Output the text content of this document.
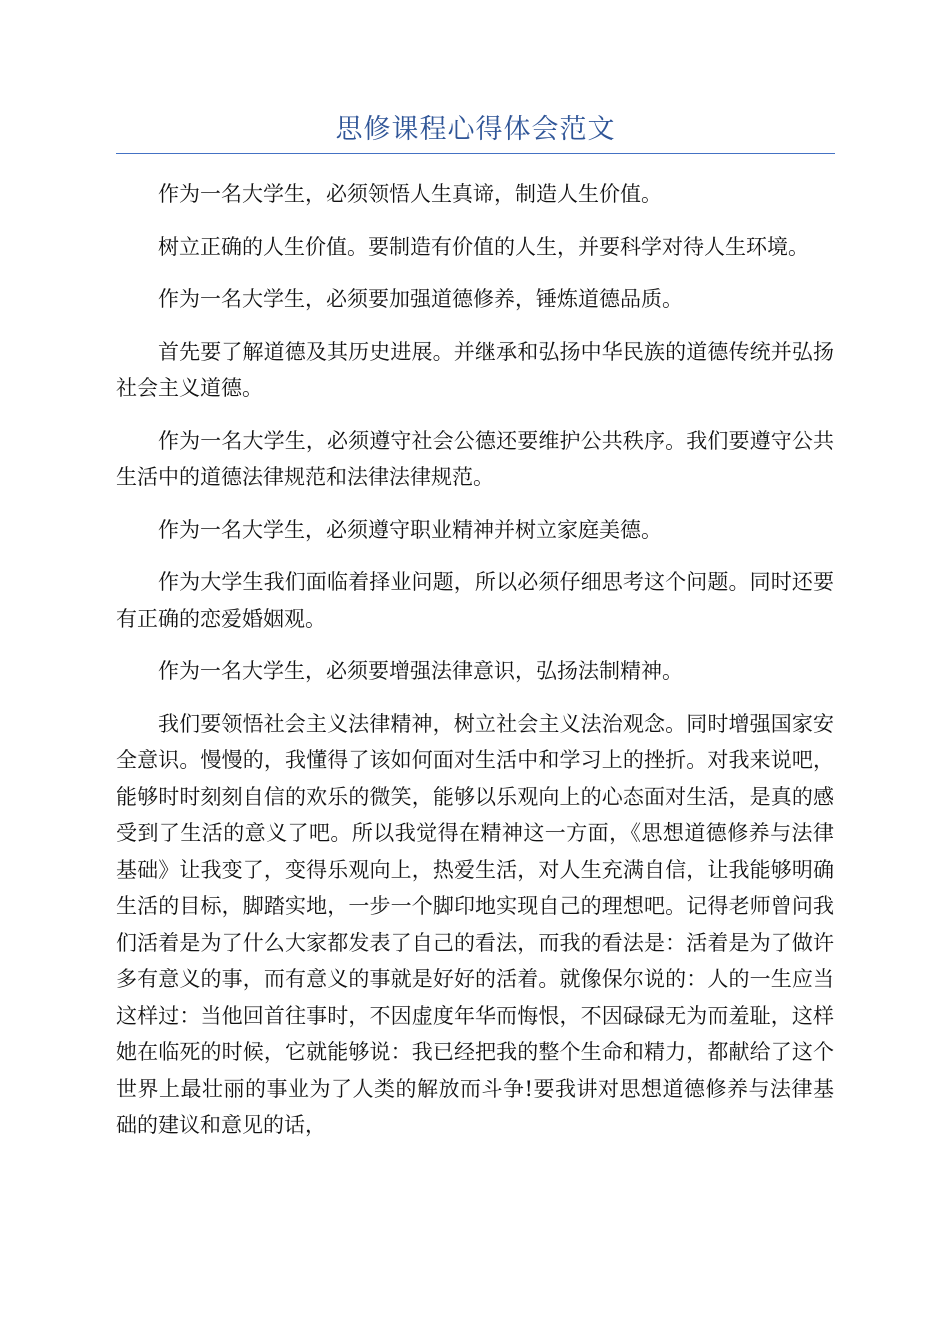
思修课程心得体会范文

作为一名大学生，必须领悟人生真谛，制造人生价值。

树立正确的人生价值。要制造有价值的人生，并要科学对待人生环境。

作为一名大学生，必须要加强道德修养，锤炼道德品质。

首先要了解道德及其历史进展。并继承和弘扬中华民族的道德传统并弘扬社会主义道德。

作为一名大学生，必须遵守社会公德还要维护公共秩序。我们要遵守公共生活中的道德法律规范和法律法律规范。

作为一名大学生，必须遵守职业精神并树立家庭美德。

作为大学生我们面临着择业问题，所以必须仔细思考这个问题。同时还要有正确的恋爱婚姻观。

作为一名大学生，必须要增强法律意识，弘扬法制精神。

我们要领悟社会主义法律精神，树立社会主义法治观念。同时增强国家安全意识。慢慢的，我懂得了该如何面对生活中和学习上的挫折。对我来说吧，能够时时刻刻自信的欢乐的微笑，能够以乐观向上的心态面对生活，是真的感受到了生活的意义了吧。所以我觉得在精神这一方面，《思想道德修养与法律基础》让我变了，变得乐观向上，热爱生活，对人生充满自信，让我能够明确生活的目标，脚踏实地，一步一个脚印地实现自己的理想吧。记得老师曾问我们活着是为了什么大家都发表了自己的看法，而我的看法是：活着是为了做许多有意义的事，而有意义的事就是好好的活着。就像保尔说的：人的一生应当这样过：当他回首往事时，不因虚度年华而悔恨，不因碌碌无为而羞耻，这样她在临死的时候，它就能够说：我已经把我的整个生命和精力，都献给了这个世界上最壮丽的事业为了人类的解放而斗争!要我讲对思想道德修养与法律基础的建议和意见的话，
